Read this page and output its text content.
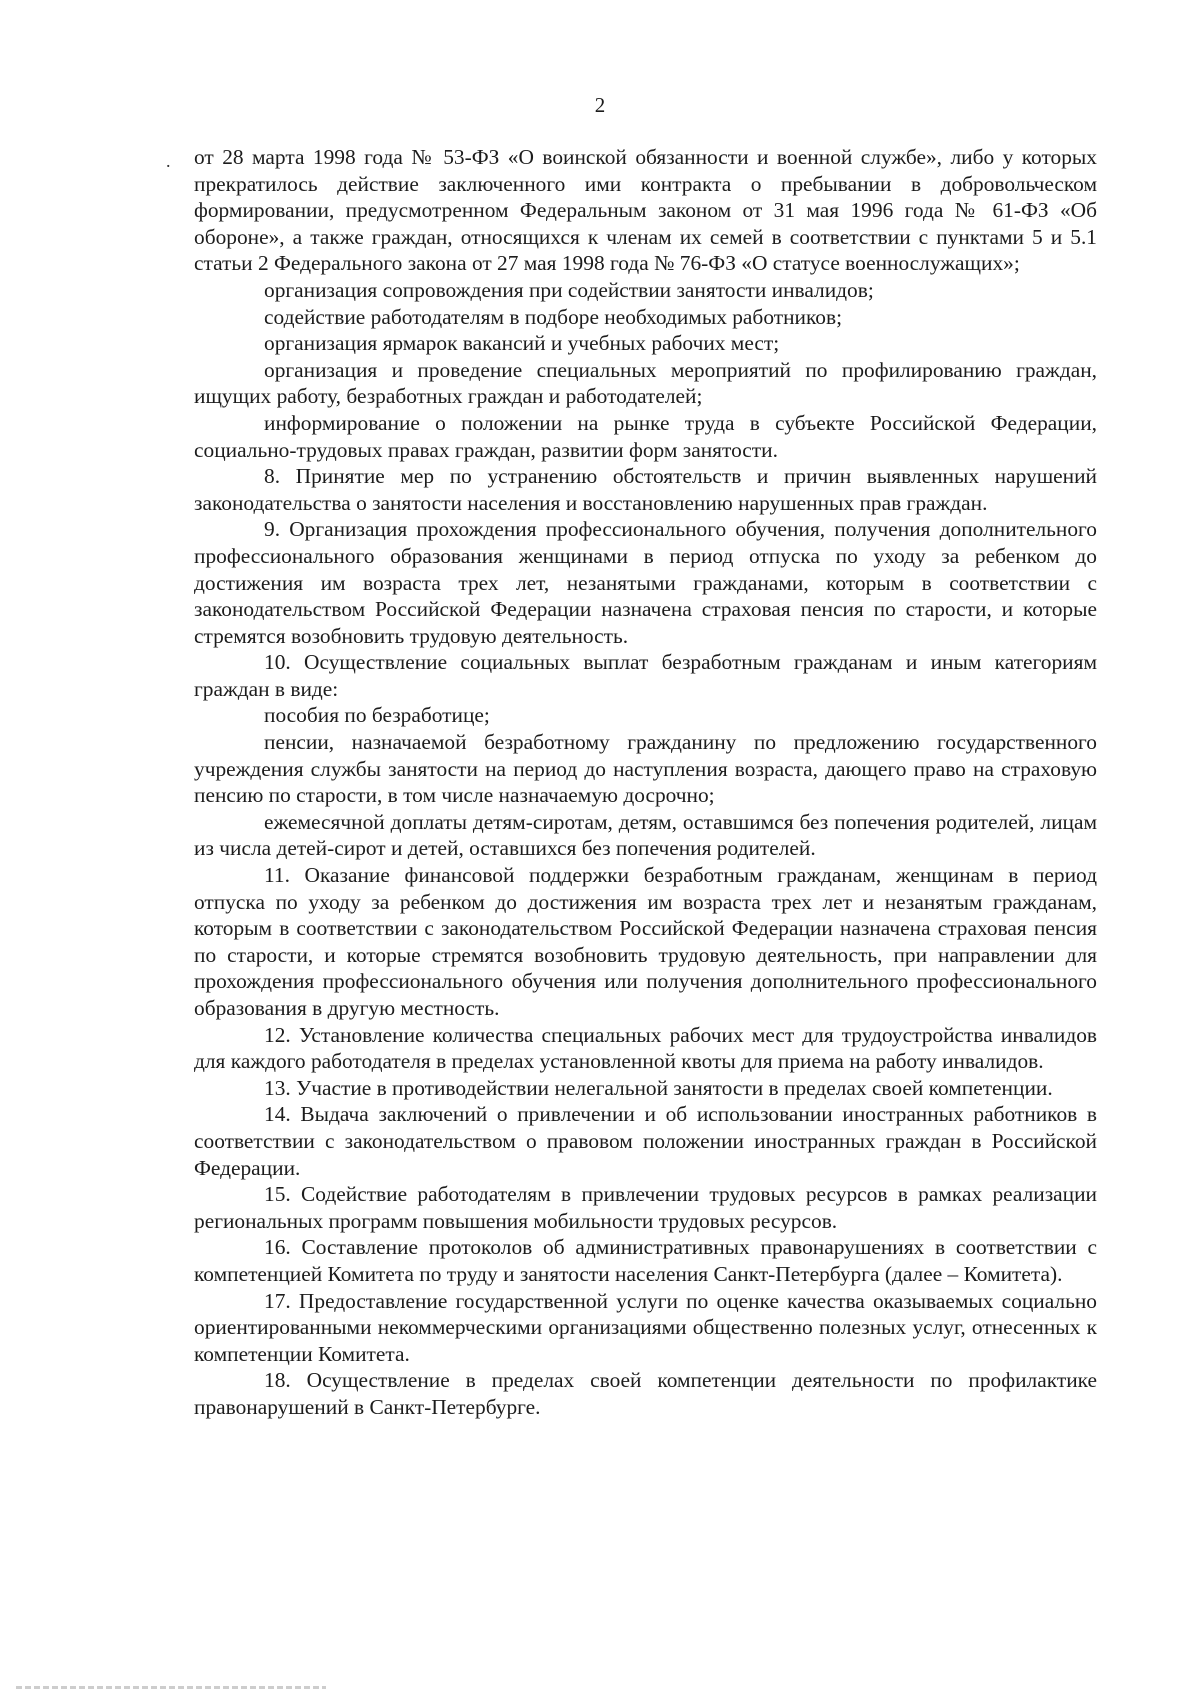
2
. от 28 марта 1998 года № 53-ФЗ «О воинской обязанности и военной службе», либо у которых прекратилось действие заключенного ими контракта о пребывании в добровольческом формировании, предусмотренном Федеральным законом от 31 мая 1996 года № 61-ФЗ «Об обороне», а также граждан, относящихся к членам их семей в соответствии с пунктами 5 и 5.1 статьи 2 Федерального закона от 27 мая 1998 года № 76-ФЗ «О статусе военнослужащих»;

организация сопровождения при содействии занятости инвалидов;

содействие работодателям в подборе необходимых работников;

организация ярмарок вакансий и учебных рабочих мест;

организация и проведение специальных мероприятий по профилированию граждан, ищущих работу, безработных граждан и работодателей;

информирование о положении на рынке труда в субъекте Российской Федерации, социально-трудовых правах граждан, развитии форм занятости.

8. Принятие мер по устранению обстоятельств и причин выявленных нарушений законодательства о занятости населения и восстановлению нарушенных прав граждан.

9. Организация прохождения профессионального обучения, получения дополнительного профессионального образования женщинами в период отпуска по уходу за ребенком до достижения им возраста трех лет, незанятыми гражданами, которым в соответствии с законодательством Российской Федерации назначена страховая пенсия по старости, и которые стремятся возобновить трудовую деятельность.

10. Осуществление социальных выплат безработным гражданам и иным категориям граждан в виде:

пособия по безработице;

пенсии, назначаемой безработному гражданину по предложению государственного учреждения службы занятости на период до наступления возраста, дающего право на страховую пенсию по старости, в том числе назначаемую досрочно;

ежемесячной доплаты детям-сиротам, детям, оставшимся без попечения родителей, лицам из числа детей-сирот и детей, оставшихся без попечения родителей.

11. Оказание финансовой поддержки безработным гражданам, женщинам в период отпуска по уходу за ребенком до достижения им возраста трех лет и незанятым гражданам, которым в соответствии с законодательством Российской Федерации назначена страховая пенсия по старости, и которые стремятся возобновить трудовую деятельность, при направлении для прохождения профессионального обучения или получения дополнительного профессионального образования в другую местность.

12. Установление количества специальных рабочих мест для трудоустройства инвалидов для каждого работодателя в пределах установленной квоты для приема на работу инвалидов.

13. Участие в противодействии нелегальной занятости в пределах своей компетенции.

14. Выдача заключений о привлечении и об использовании иностранных работников в соответствии с законодательством о правовом положении иностранных граждан в Российской Федерации.

15. Содействие работодателям в привлечении трудовых ресурсов в рамках реализации региональных программ повышения мобильности трудовых ресурсов.

16. Составление протоколов об административных правонарушениях в соответствии с компетенцией Комитета по труду и занятости населения Санкт-Петербурга (далее – Комитета).

17. Предоставление государственной услуги по оценке качества оказываемых социально ориентированными некоммерческими организациями общественно полезных услуг, отнесенных к компетенции Комитета.

18. Осуществление в пределах своей компетенции деятельности по профилактике правонарушений в Санкт-Петербурге.
